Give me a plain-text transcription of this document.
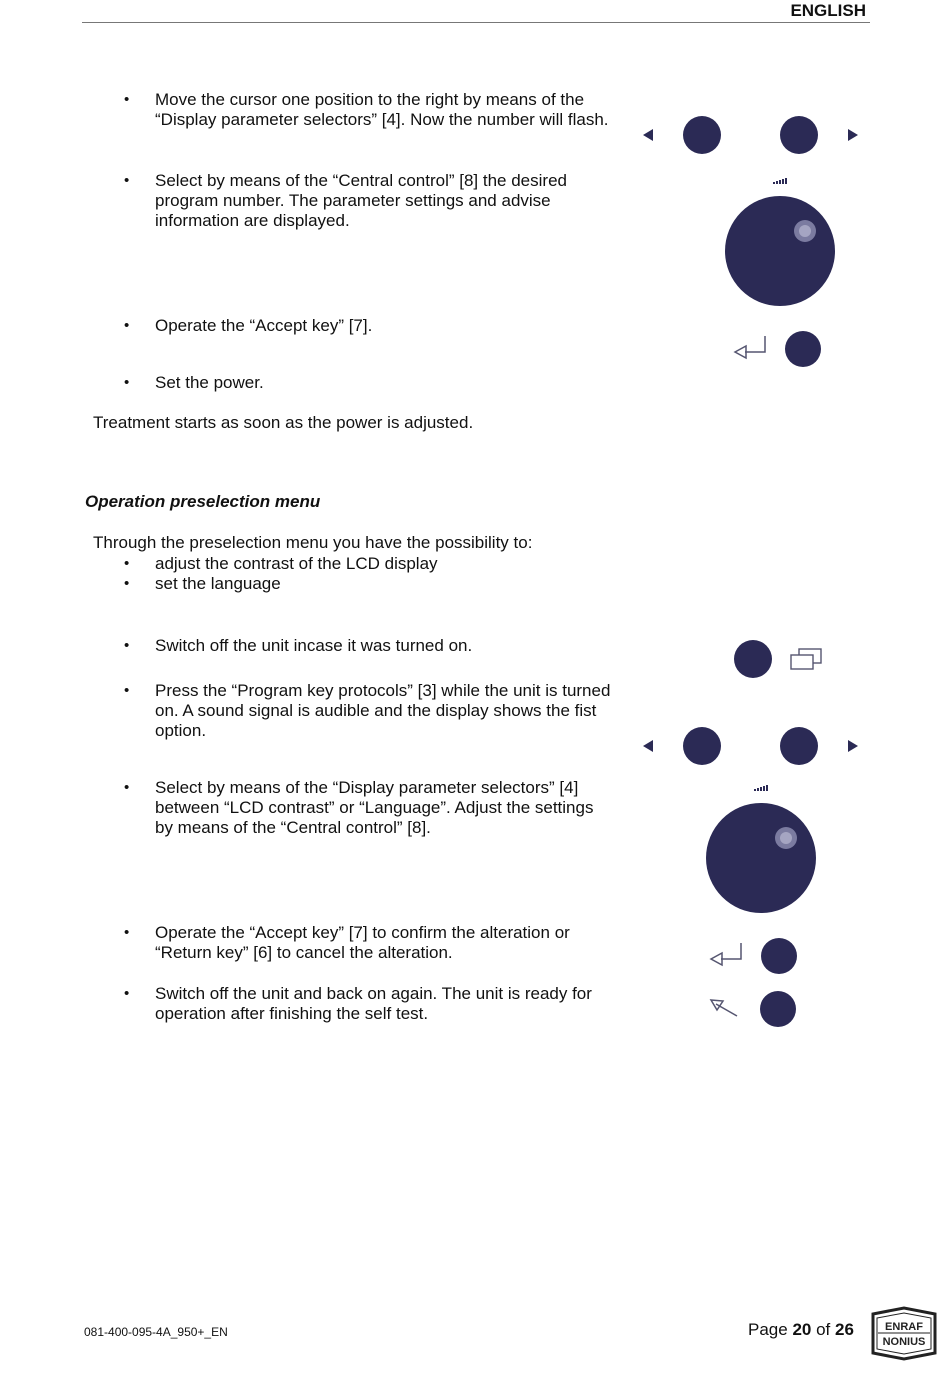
ENGLISH
• Move the cursor one position to the right by means of the “Display parameter selectors” [4]. Now the number will flash.
• Select by means of the “Central control” [8] the desired program number. The parameter settings and advise information are displayed.
• Operate the “Accept key” [7].
• Set the power.
Treatment starts as soon as the power is adjusted.
Operation preselection menu
Through the preselection menu you have the possibility to:
• adjust the contrast of the LCD display
• set the language
• Switch off the unit incase it was turned on.
• Press the “Program key protocols” [3] while the unit is turned on. A sound signal is audible and the display shows the fist option.
• Select by means of the “Display parameter selectors” [4] between “LCD contrast” or “Language”. Adjust the settings by means of the “Central control” [8].
• Operate the “Accept key” [7] to confirm the alteration or “Return key” [6] to cancel the alteration.
• Switch off the unit and back on again. The unit is ready for operation after finishing the self test.
081-400-095-4A_950+_EN	Page 20 of 26	ENRAF
NONIUS
